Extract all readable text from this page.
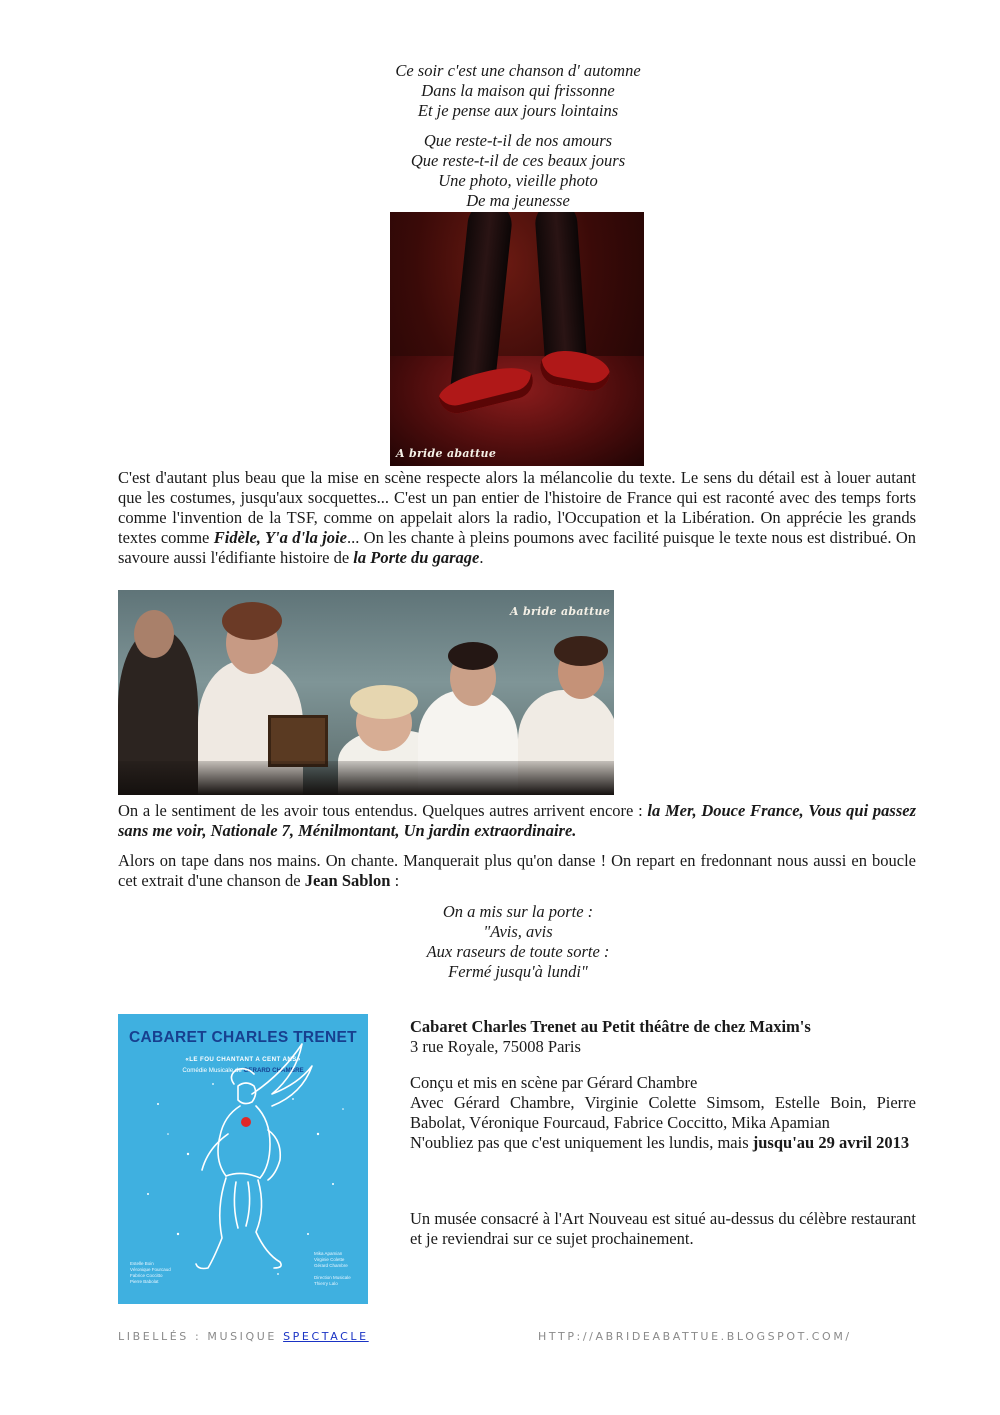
Ce soir c'est une chanson d' automne
Dans la maison qui frissonne
Et je pense aux jours lointains
Que reste-t-il de nos amours
Que reste-t-il de ces beaux jours
Une photo, vieille photo
De ma jeunesse
A bride abattue

C'est d'autant plus beau que la mise en scène respecte alors la mélancolie du texte. Le sens du détail est à louer autant que les costumes, jusqu'aux socquettes... C'est un pan entier de l'histoire de France qui est raconté avec des temps forts comme l'invention de la TSF, comme on appelait alors la radio, l'Occupation et la Libération. On apprécie les grands textes comme Fidèle, Y'a d'la joie... On les chante à pleins poumons avec facilité puisque le texte nous est distribué. On savoure aussi l'édifiante histoire de la Porte du garage.

A bride abattue

On a le sentiment de les avoir tous entendus. Quelques autres arrivent encore : la Mer, Douce France, Vous qui passez sans me voir, Nationale 7, Ménilmontant, Un jardin extraordinaire.

Alors on tape dans nos mains. On chante. Manquerait plus qu'on danse ! On repart en fredonnant nous aussi en boucle cet extrait d'une chanson de Jean Sablon :

On a mis sur la porte :
"Avis, avis
Aux raseurs de toute sorte :
Fermé jusqu'à lundi"
CABARET CHARLES TRENET
«LE FOU CHANTANT A CENT ANS»
Comédie Musicale de GERARD CHAMBRE
Estelle Boin
Véronique Fourcaud
Fabrice Coccitto
Pierre Babolat
Mika Apamian
Virginie Colette
Gérard Chambre

Direction Musicale
Thierry Lalo

Cabaret Charles Trenet au Petit théâtre de chez Maxim's

3 rue Royale, 75008 Paris

Conçu et mis en scène par Gérard Chambre

Avec Gérard Chambre, Virginie Colette Simsom, Estelle Boin, Pierre Babolat, Véronique Fourcaud, Fabrice Coccitto, Mika Apamian

N'oubliez pas que c'est uniquement les lundis, mais jusqu'au 29 avril 2013

Un musée consacré à l'Art Nouveau est situé au-dessus du célèbre restaurant et je reviendrai sur ce sujet prochainement.

LIBELLÉS : MUSIQUE SPECTACLE	HTTP://ABRIDEABATTUE.BLOGSPOT.COM/
